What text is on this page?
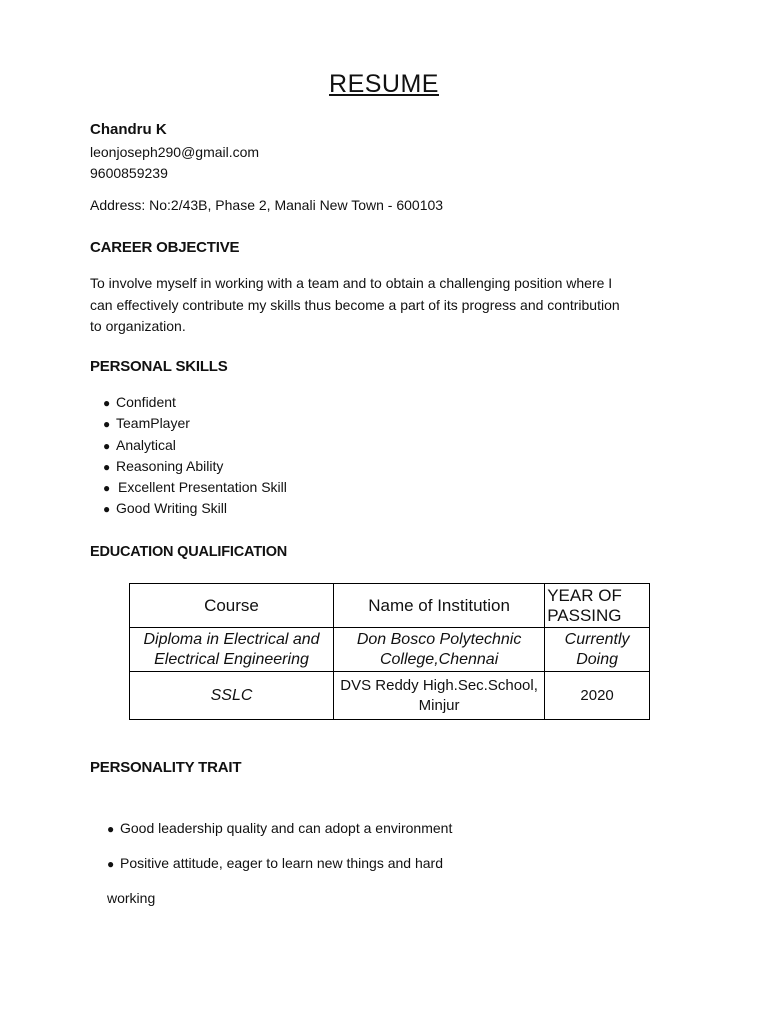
RESUME
Chandru K
leonjoseph290@gmail.com
9600859239
Address: No:2/43B, Phase 2, Manali New Town - 600103
CAREER OBJECTIVE
To involve myself in working with a team and to obtain a challenging position where I
can effectively contribute my skills thus become a part of its progress and contribution
to organization.
PERSONAL SKILLS
● Confident
● TeamPlayer
● Analytical
● Reasoning Ability
● Excellent Presentation Skill
● Good Writing Skill
EDUCATION QUALIFICATION
Course	Name of Institution	YEAR OF PASSING
Diploma in Electrical and Electrical Engineering	Don Bosco Polytechnic College,Chennai	Currently Doing
SSLC	DVS Reddy High.Sec.School, Minjur	2020
PERSONALITY TRAIT
● Good leadership quality and can adopt a environment
● Positive attitude, eager to learn new things and hard
working
